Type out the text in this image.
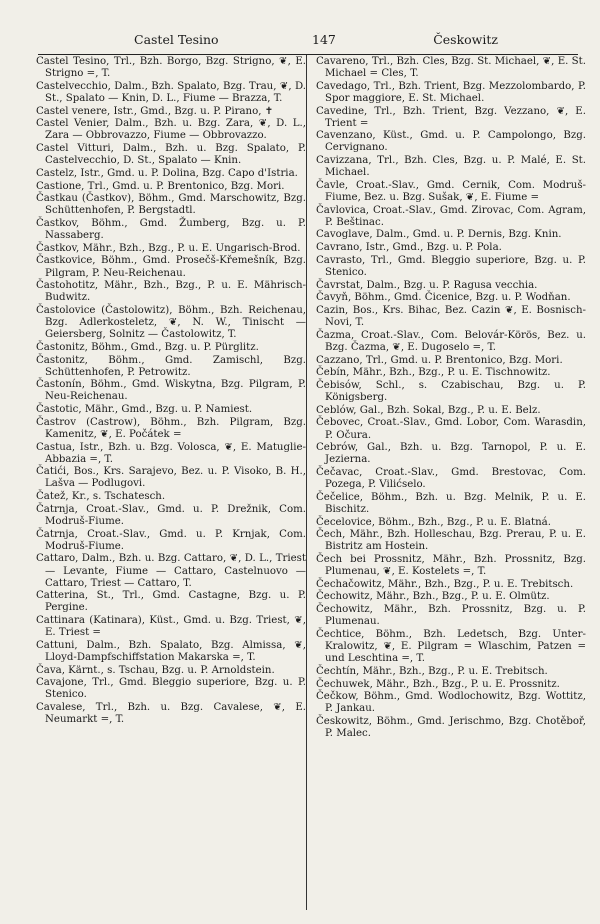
Castel Tesino	147	Českowitz
Castel Tesino, Trl., Bzh. Borgo, Bzg. Strigno, ❦, E. Strigno =, T.
Castelvecchio, Dalm., Bzh. Spalato, Bzg. Trau, ❦, D. St., Spalato — Knin, D. L., Fiume — Brazza, T.
Castel venere, Istr., Gmd., Bzg. u. P. Pirano, ✝
Castel Venier, Dalm., Bzh. u. Bzg. Zara, ❦, D. L., Zara — Obbrovazzo, Fiume — Obbrovazzo.
Castel Vitturi, Dalm., Bzh. u. Bzg. Spalato, P. Castelvecchio, D. St., Spalato — Knin.
Castelz, Istr., Gmd. u. P. Dolina, Bzg. Capo d'Istria.
Castione, Trl., Gmd. u. P. Brentonico, Bzg. Mori.
Častkau (Častkov), Böhm., Gmd. Marschowitz, Bzg. Schüttenhofen, P. Bergstadtl.
Častkov, Böhm., Gmd. Žumberg, Bzg. u. P. Nassaberg.
Častkov, Mähr., Bzh., Bzg., P. u. E. Ungarisch-Brod.
Častkovice, Böhm., Gmd. Prosečš-Křemešník, Bzg. Pilgram, P. Neu-Reichenau.
Častohotitz, Mähr., Bzh., Bzg., P. u. E. Mährisch-Budwitz.
Častolovice (Častolowitz), Böhm., Bzh. Reichenau, Bzg. Adlerkosteletz, ❦, N. W., Tinischt — Geiersberg, Solnitz — Častolowitz, T.
Častonitz, Böhm., Gmd., Bzg. u. P. Pürglitz.
Častonitz, Böhm., Gmd. Zamischl, Bzg. Schüttenhofen, P. Petrowitz.
Častonín, Böhm., Gmd. Wiskytna, Bzg. Pilgram, P. Neu-Reichenau.
Častotic, Mähr., Gmd., Bzg. u. P. Namiest.
Častrov (Castrow), Böhm., Bzh. Pilgram, Bzg. Kamenitz, ❦, E. Počátek =
Castua, Istr., Bzh. u. Bzg. Volosca, ❦, E. Matuglie-Abbazia =, T.
Čatići, Bos., Krs. Sarajevo, Bez. u. P. Visoko, B. H., Lašva — Podlugovi.
Čatež, Kr., s. Tschatesch.
Čatrnja, Croat.-Slav., Gmd. u. P. Drežnik, Com. Modruš-Fiume.
Čatrnja, Croat.-Slav., Gmd. u. P. Krnjak, Com. Modruš-Fiume.
Cattaro, Dalm., Bzh. u. Bzg. Cattaro, ❦, D. L., Triest — Levante, Fiume — Cattaro, Castelnuovo — Cattaro, Triest — Cattaro, T.
Catterina, St., Trl., Gmd. Castagne, Bzg. u. P. Pergine.
Cattinara (Katinara), Küst., Gmd. u. Bzg. Triest, ❦, E. Triest =
Cattuni, Dalm., Bzh. Spalato, Bzg. Almissa, ❦, Lloyd-Dampfschiffstation Makarska =, T.
Čava, Kärnt., s. Tschau, Bzg. u. P. Arnoldstein.
Cavajone, Trl., Gmd. Bleggio superiore, Bzg. u. P. Stenico.
Cavalese, Trl., Bzh. u. Bzg. Cavalese, ❦, E. Neumarkt =, T.
Cavareno, Trl., Bzh. Cles, Bzg. St. Michael, ❦, E. St. Michael = Cles, T.
Cavedago, Trl., Bzh. Trient, Bzg. Mezzolombardo, P. Spor maggiore, E. St. Michael.
Cavedine, Trl., Bzh. Trient, Bzg. Vezzano, ❦, E. Trient =
Cavenzano, Küst., Gmd. u. P. Campolongo, Bzg. Cervignano.
Cavizzana, Trl., Bzh. Cles, Bzg. u. P. Malé, E. St. Michael.
Čavle, Croat.-Slav., Gmd. Cernik, Com. Modruš-Fiume, Bez. u. Bzg. Sušak, ❦, E. Fiume =
Čavlovica, Croat.-Slav., Gmd. Zirovac, Com. Agram, P. Beštinac.
Cavoglave, Dalm., Gmd. u. P. Dernis, Bzg. Knin.
Cavrano, Istr., Gmd., Bzg. u. P. Pola.
Cavrasto, Trl., Gmd. Bleggio superiore, Bzg. u. P. Stenico.
Čavrstat, Dalm., Bzg. u. P. Ragusa vecchia.
Čavyň, Böhm., Gmd. Čicenice, Bzg. u. P. Wodňan.
Cazin, Bos., Krs. Bihac, Bez. Cazin ❦, E. Bosnisch-Novi, T.
Čazma, Croat.-Slav., Com. Belovár-Körös, Bez. u. Bzg. Čazma, ❦, E. Dugoselo =, T.
Cazzano, Trl., Gmd. u. P. Brentonico, Bzg. Mori.
Čebín, Mähr., Bzh., Bzg., P. u. E. Tischnowitz.
Čebisów, Schl., s. Czabischau, Bzg. u. P. Königsberg.
Ceblów, Gal., Bzh. Sokal, Bzg., P. u. E. Belz.
Čeboveс, Croat.-Slav., Gmd. Lobor, Com. Warasdin, P. Očura.
Cebrów, Gal., Bzh. u. Bzg. Tarnopol, P. u. E. Jezierna.
Čečavac, Croat.-Slav., Gmd. Brestovac, Com. Pozega, P. Vilićselo.
Čečelice, Böhm., Bzh. u. Bzg. Melnik, P. u. E. Bischitz.
Čecelovice, Böhm., Bzh., Bzg., P. u. E. Blatná.
Čech, Mähr., Bzh. Holleschau, Bzg. Prerau, P. u. E. Bistritz am Hostein.
Čech bei Prossnitz, Mähr., Bzh. Prossnitz, Bzg. Plumenau, ❦, E. Kostelets =, T.
Čechačowitz, Mähr., Bzh., Bzg., P. u. E. Trebitsch.
Čechowitz, Mähr., Bzh., Bzg., P. u. E. Olmütz.
Čechowitz, Mähr., Bzh. Prossnitz, Bzg. u. P. Plumenau.
Čechtice, Böhm., Bzh. Ledetsch, Bzg. Unter-Kralowitz, ❦, E. Pilgram = Wlaschim, Patzen = und Leschtina =, T.
Čechtín, Mähr., Bzh., Bzg., P. u. E. Trebitsch.
Čechuwek, Mähr., Bzh., Bzg., P. u. E. Prossnitz.
Čečkow, Böhm., Gmd. Wodlochowitz, Bzg. Wottitz, P. Jankau.
Českowitz, Böhm., Gmd. Jerischmo, Bzg. Chotěboř, P. Malec.
